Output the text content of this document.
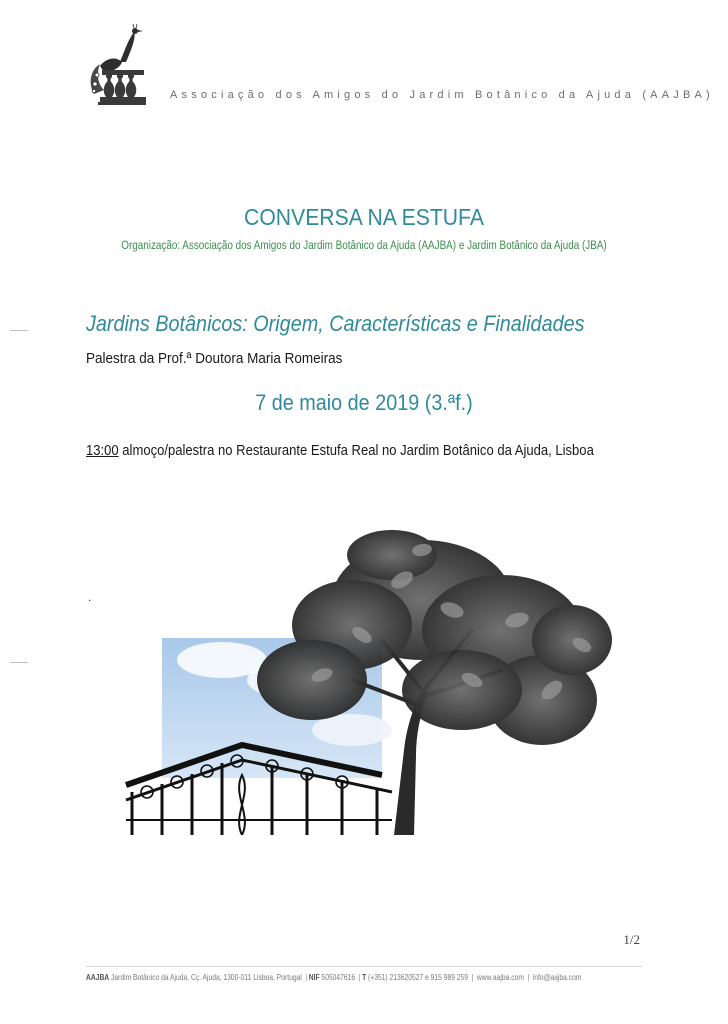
Associação dos Amigos do Jardim Botânico da Ajuda (AAJBA)
CONVERSA NA ESTUFA
Organização: Associação dos Amigos do Jardim Botânico da Ajuda (AAJBA) e Jardim Botânico da Ajuda (JBA)
Jardins Botânicos: Origem, Características e Finalidades
Palestra da Prof.ª Doutora Maria Romeiras
7 de maio de 2019 (3.ªf.)
13:00 almoço/palestra no Restaurante Estufa Real no Jardim Botânico da Ajuda, Lisboa
.
1/2
AAJBA Jardim Botânico da Ajuda, Cç. Ajuda, 1300-011 Lisboa, Portugal | NIF 505047616 | T (+351) 213620527 e 915 989 259 | www.aajba.com | info@aajba.com
